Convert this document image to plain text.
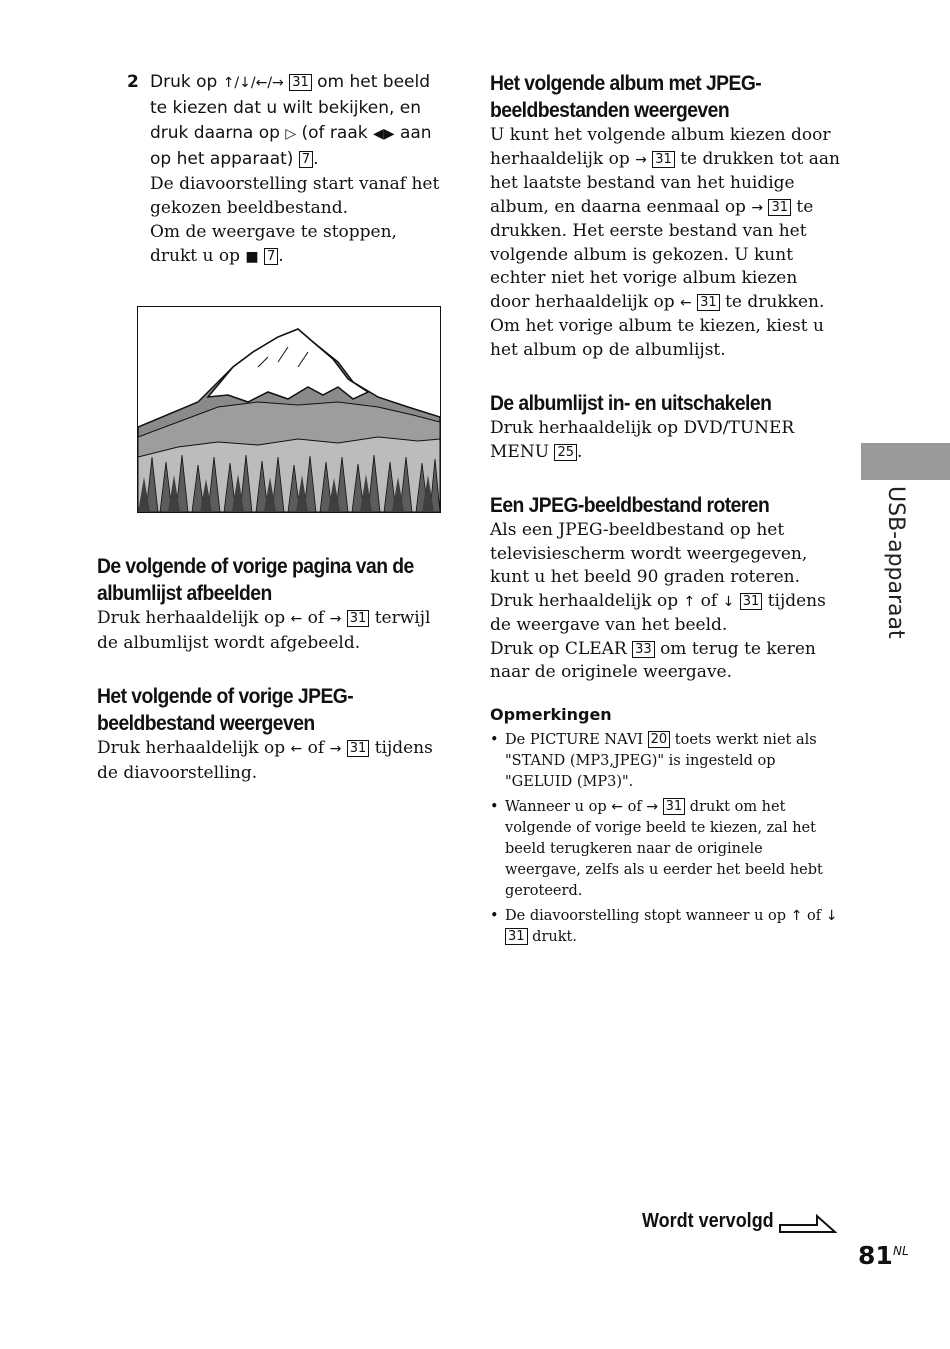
2 Druk op ↑/↓/←/→ 31 om het beeld te kiezen dat u wilt bekijken, en druk daarna op ▷ (of raak ◀▶ aan op het apparaat) 7 .

De diavoorstelling start vanaf het gekozen beeldbestand.

Om de weergave te stoppen, drukt u op ■ 7 .

De volgende of vorige pagina van de albumlijst afbeelden

Druk herhaaldelijk op ← of → 31 terwijl de albumlijst wordt afgebeeld.

Het volgende of vorige JPEG-beeldbestand weergeven

Druk herhaaldelijk op ← of → 31 tijdens de diavoorstelling.

Het volgende album met JPEG-beeldbestanden weergeven

U kunt het volgende album kiezen door herhaaldelijk op → 31 te drukken tot aan het laatste bestand van het huidige album, en daarna eenmaal op → 31 te drukken. Het eerste bestand van het volgende album is gekozen. U kunt echter niet het vorige album kiezen door herhaaldelijk op ← 31 te drukken. Om het vorige album te kiezen, kiest u het album op de albumlijst.

De albumlijst in- en uitschakelen

Druk herhaaldelijk op DVD/TUNER MENU 25 .

Een JPEG-beeldbestand roteren

Als een JPEG-beeldbestand op het televisiescherm wordt weergegeven, kunt u het beeld 90 graden roteren.

Druk herhaaldelijk op ↑ of ↓ 31 tijdens de weergave van het beeld.

Druk op CLEAR 33 om terug te keren naar de originele weergave.

Opmerkingen

• De PICTURE NAVI 20 toets werkt niet als "STAND (MP3,JPEG)" is ingesteld op "GELUID (MP3)".
• Wanneer u op ← of → 31 drukt om het volgende of vorige beeld te kiezen, zal het beeld terugkeren naar de originele weergave, zelfs als u eerder het beeld hebt geroteerd.
• De diavoorstelling stopt wanneer u op ↑ of ↓ 31 drukt.
USB-apparaat
Wordt vervolgd
81 NL
